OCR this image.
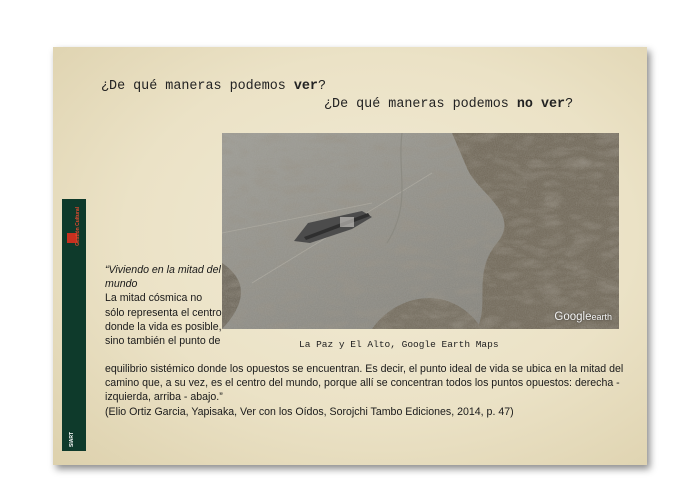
Gestión Cultural
SIART
¿De qué maneras podemos ver?
¿De qué maneras podemos no ver?
Googleearth
La Paz y El Alto, Google Earth Maps
“Viviendo en la mitad del mundo
La mitad cósmica no sólo representa el centro donde la vida es posible, sino también el punto de
equilibrio sistémico donde los opuestos se encuentran. Es decir, el punto ideal de vida se ubica en la mitad del camino que, a su vez, es el centro del mundo, porque allí se concentran todos los puntos opuestos: derecha - izquierda, arriba - abajo.”
(Elio Ortiz Garcia, Yapisaka, Ver con los Oídos, Sorojchi Tambo Ediciones, 2014, p. 47)
